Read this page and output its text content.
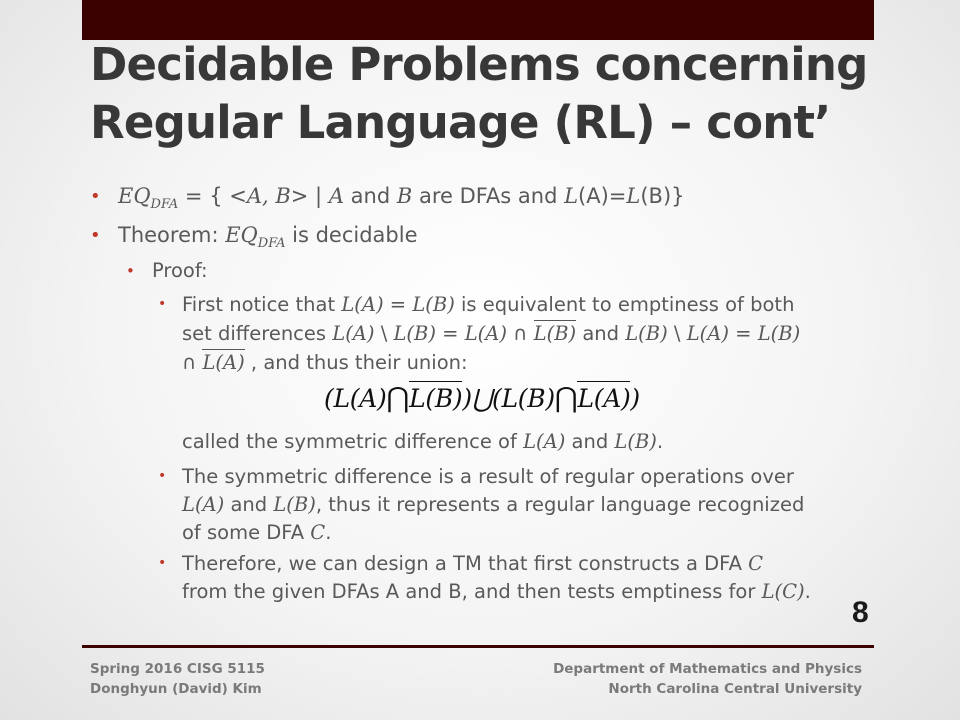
Decidable Problems concerning
Regular Language (RL) – cont’
• $EQ_{DFA}$ = { <A, B> | A and B are DFAs and L(A)=L(B)}
• Theorem: $EQ_{DFA}$ is decidable
• Proof:
• First notice that L(A) = L(B) is equivalent to emptiness of both
set differences L(A) \ L(B) = L(A) ∩ L(B) and L(B) \ L(A) = L(B)
∩ L(A) , and thus their union:
(L(A)⋂L(B))⋃(L(B)⋂L(A))
called the symmetric difference of L(A) and L(B).
• The symmetric difference is a result of regular operations over
L(A) and L(B), thus it represents a regular language recognized
of some DFA C.
• Therefore, we can design a TM that first constructs a DFA C
from the given DFAs A and B, and then tests emptiness for L(C).
8
Spring 2016 CISG 5115
Donghyun (David) Kim
Department of Mathematics and Physics
North Carolina Central University
